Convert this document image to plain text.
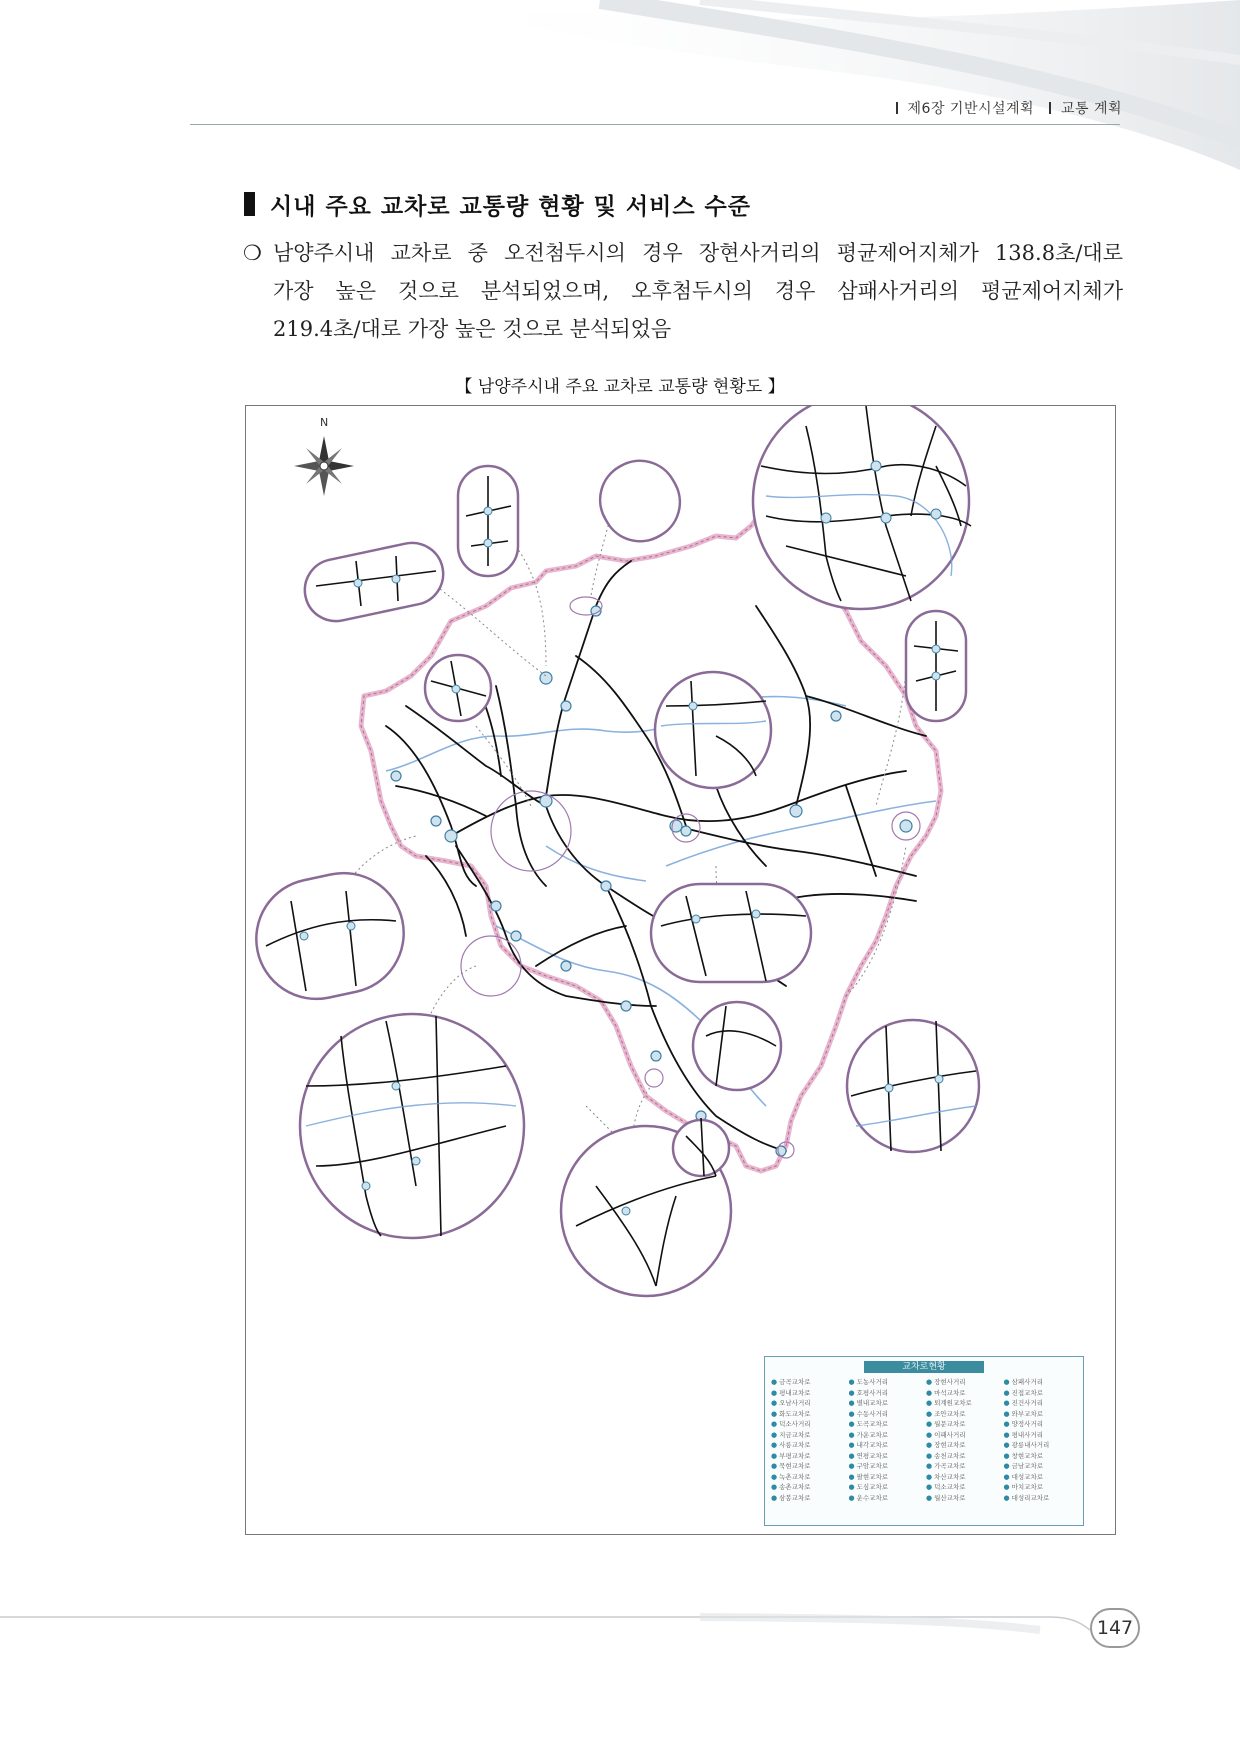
제6장 기반시설계획 교통 계획
시내 주요 교차로 교통량 현황 및 서비스 수준
❍ 남양주시내 교차로 중 오전첨두시의 경우 장현사거리의 평균제어지체가 138.8초/대로
가장 높은 것으로 분석되었으며, 오후첨두시의 경우 삼패사거리의 평균제어지체가
219.4초/대로 가장 높은 것으로 분석되었음
【 남양주시내 주요 교차로 교통량 현황도 】
N
교차로현황
● 금곡교차로	● 도농사거리	● 장현사거리	● 삼패사거리
● 평내교차로	● 호평사거리	● 마석교차로	● 진접교차로
● 오남사거리	● 별내교차로	● 퇴계원교차로	● 진건사거리
● 화도교차로	● 수동사거리	● 조안교차로	● 와부교차로
● 덕소사거리	● 도곡교차로	● 월문교차로	● 양정사거리
● 지금교차로	● 가운교차로	● 이패사거리	● 평내사거리
● 사릉교차로	● 내각교차로	● 장현교차로	● 광릉내사거리
● 부평교차로	● 연평교차로	● 송천교차로	● 창현교차로
● 묵현교차로	● 구암교차로	● 가곡교차로	● 금남교차로
● 녹촌교차로	● 팔현교차로	● 차산교차로	● 대성교차로
● 송촌교차로	● 도심교차로	● 덕소교차로	● 마치교차로
● 삼봉교차로	● 운수교차로	● 월산교차로	● 대성리교차로
147
